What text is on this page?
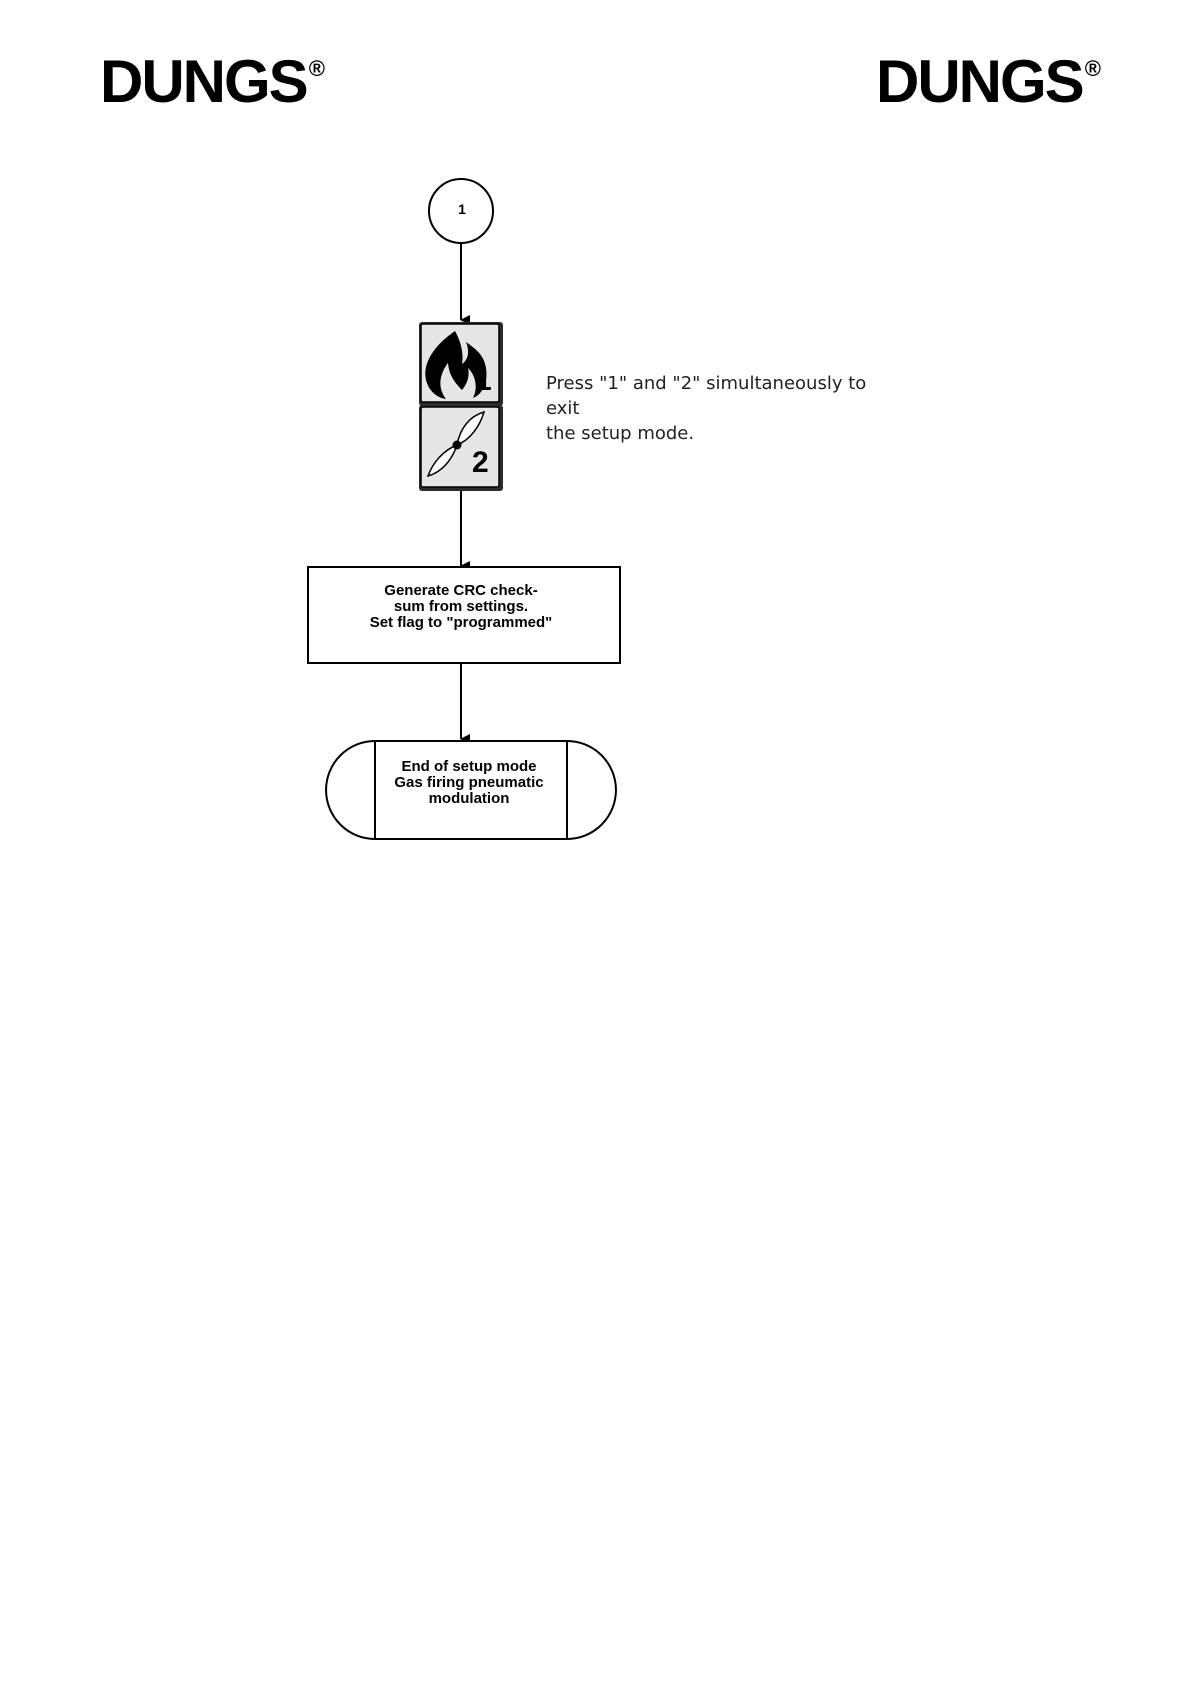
DUNGS®	DUNGS®
1
1
2
Press "1" and "2" simultaneously to exit
the setup mode.
Generate CRC check-
sum from settings.
Set flag to "programmed"
End of setup mode
Gas firing pneumatic
modulation
